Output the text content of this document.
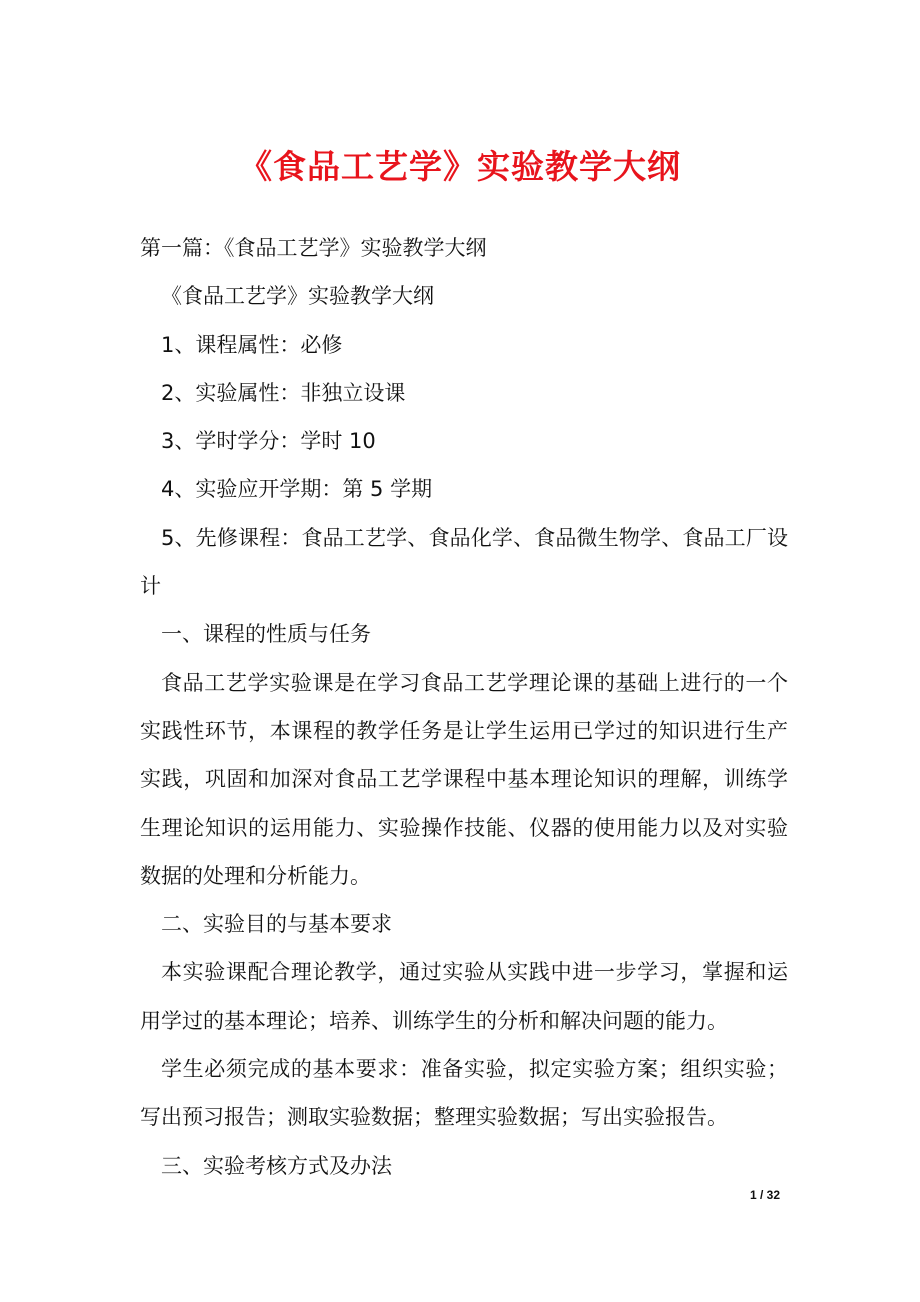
《食品工艺学》实验教学大纲

第一篇：《食品工艺学》实验教学大纲

《食品工艺学》实验教学大纲

1、课程属性：必修

2、实验属性：非独立设课

3、学时学分：学时 10

4、实验应开学期：第 5 学期

5、先修课程：食品工艺学、食品化学、食品微生物学、食品工厂设计

一、课程的性质与任务

食品工艺学实验课是在学习食品工艺学理论课的基础上进行的一个实践性环节，本课程的教学任务是让学生运用已学过的知识进行生产实践，巩固和加深对食品工艺学课程中基本理论知识的理解，训练学生理论知识的运用能力、实验操作技能、仪器的使用能力以及对实验数据的处理和分析能力。

二、实验目的与基本要求

本实验课配合理论教学，通过实验从实践中进一步学习，掌握和运用学过的基本理论；培养、训练学生的分析和解决问题的能力。

学生必须完成的基本要求：准备实验，拟定实验方案；组织实验；写出预习报告；测取实验数据；整理实验数据；写出实验报告。

三、实验考核方式及办法

1 / 32
